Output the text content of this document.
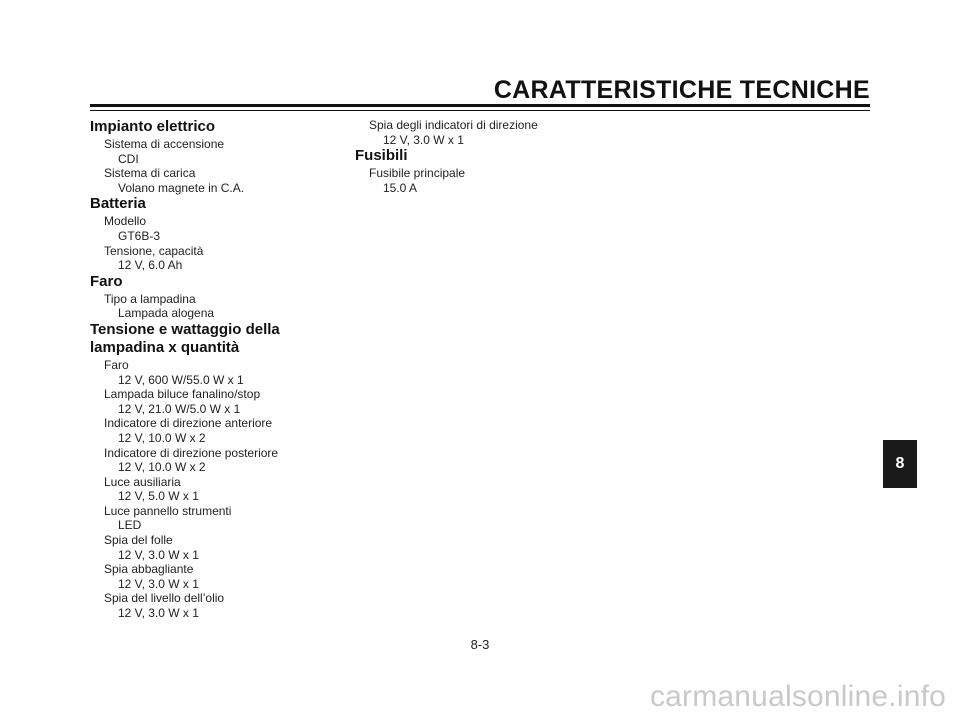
CARATTERISTICHE TECNICHE
Impianto elettrico
Sistema di accensione
CDI
Sistema di carica
Volano magnete in C.A.
Batteria
Modello
GT6B-3
Tensione, capacità
12 V, 6.0 Ah
Faro
Tipo a lampadina
Lampada alogena
Tensione e wattaggio della
lampadina x quantità
Faro
12 V, 600 W/55.0 W x 1
Lampada biluce fanalino/stop
12 V, 21.0 W/5.0 W x 1
Indicatore di direzione anteriore
12 V, 10.0 W x 2
Indicatore di direzione posteriore
12 V, 10.0 W x 2
Luce ausiliaria
12 V, 5.0 W x 1
Luce pannello strumenti
LED
Spia del folle
12 V, 3.0 W x 1
Spia abbagliante
12 V, 3.0 W x 1
Spia del livello dell’olio
12 V, 3.0 W x 1
Spia degli indicatori di direzione
12 V, 3.0 W x 1
Fusibili
Fusibile principale
15.0 A
8-3
8
carmanualsonline.info
